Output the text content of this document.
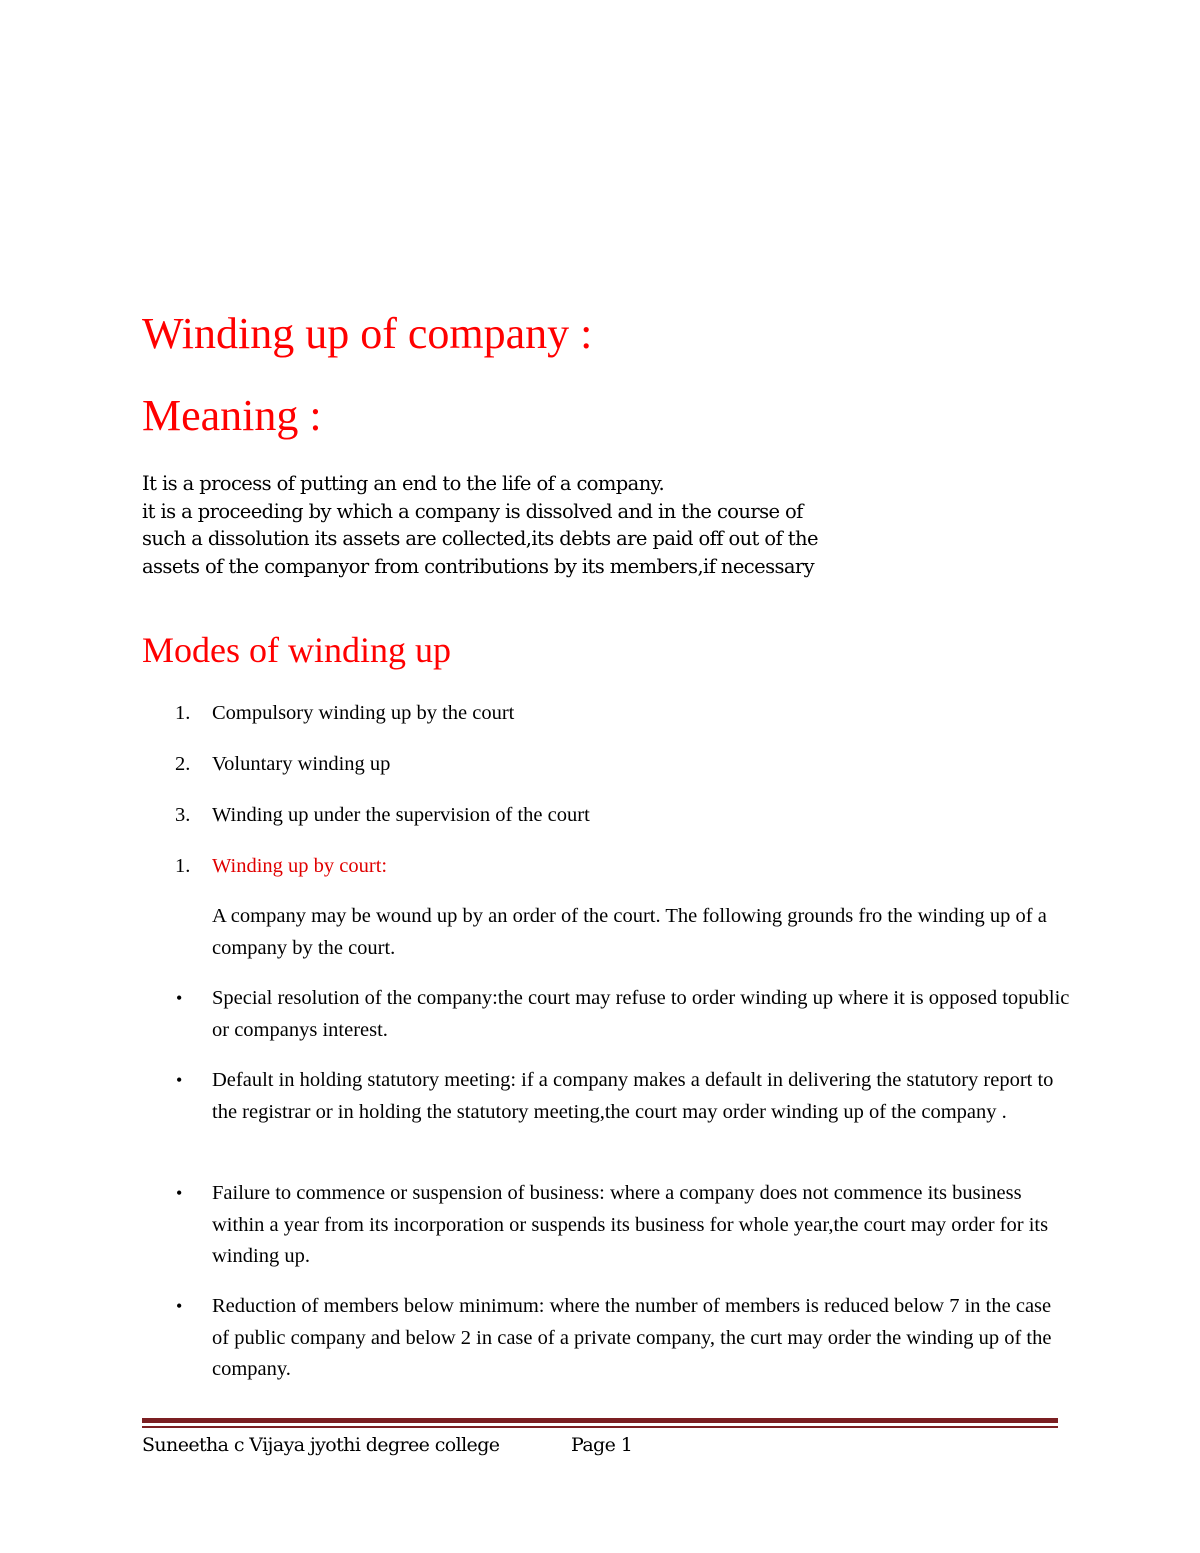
Winding up of company :
Meaning :
It is a process of putting an end to the life of a company.
it is a proceeding by which a company is dissolved and in the course of
such a dissolution its assets are collected,its debts are paid off out of the
assets of the companyor from contributions by its members,if necessary
Modes of winding up
1.	Compulsory winding up by the court
2.	Voluntary winding up
3.	Winding up under the supervision of the court
1.	Winding up by court:
A company may be wound up by an order of the court. The following grounds fro the winding up of a company by the court.
• Special resolution of the company:the court may refuse to order winding up where it is opposed topublic or companys interest.
• Default in holding statutory meeting: if a company makes a default in delivering the statutory report to the registrar or in holding the statutory meeting,the court may order winding up of the company .
• Failure to commence or suspension of business: where a company does not commence its business within a year from its incorporation or suspends its business for whole year,the court may order for its winding up.
• Reduction of members below minimum: where the number of members is reduced below 7 in the case of public company and below 2 in case of a private company, the curt may order the winding up of the company.
Suneetha c Vijaya jyothi degree college	Page 1
